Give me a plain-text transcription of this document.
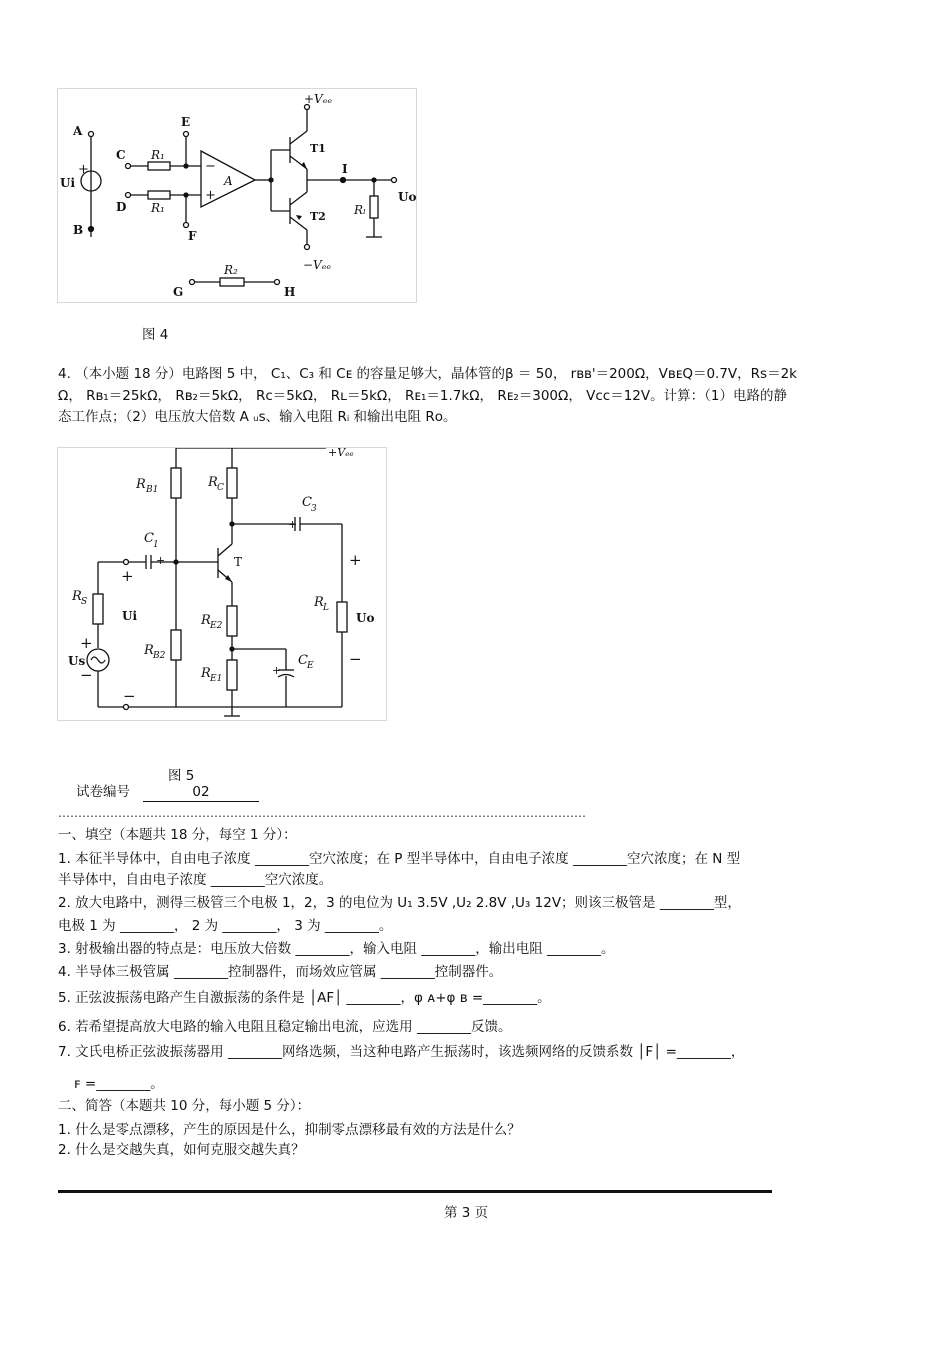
A
B
C
D
E
F
G	H
Ui
T1
T2
I
Uo
R₁
R₁
A
Rₗ
R₂
+Vₑₑ
−Vₑₑ
−
+
+
图 4
4. （本小题 18 分）电路图 5 中， C₁、C₃ 和 Cᴇ 的容量足够大，晶体管的β ＝ 50， rʙʙ'＝200Ω，VʙᴇQ＝0.7V，Rs＝2k
Ω， Rʙ₁＝25kΩ， Rʙ₂＝5kΩ， Rᴄ＝5kΩ， Rʟ＝5kΩ， Rᴇ₁＝1.7kΩ， Rᴇ₂＝300Ω， Vᴄᴄ＝12V。计算：（1）电路的静
态工作点；（2）电压放大倍数 A ᵤs、输入电阻 Rᵢ 和输出电阻 Rᴏ。
R B1	R C
C 3
C 1
R S
R E2
R B2
R L
C E
R E1
+Vₑₑ
T
Ui	Uo
Us
+
+
+
+
−
−
+
−	+
图 5
试卷编号	02
……………………………………………………………………………………………………………………
一、填空（本题共 18 分，每空 1 分）：
1. 本征半导体中，自由电子浓度 ________空穴浓度；在 P 型半导体中，自由电子浓度 ________空穴浓度；在 N 型
半导体中，自由电子浓度 ________空穴浓度。
2. 放大电路中，测得三极管三个电极 1，2，3 的电位为 U₁ 3.5V ,U₂ 2.8V ,U₃ 12V；则该三极管是 ________型，
电极 1 为 ________， 2 为 ________， 3 为 ________。
3. 射极输出器的特点是：电压放大倍数 ________，输入电阻 ________，输出电阻 ________。
4. 半导体三极管属 ________控制器件，而场效应管属 ________控制器件。
5. 正弦波振荡电路产生自激振荡的条件是 │AF│ ________，φ ᴀ+φ ʙ =________。
6. 若希望提高放大电路的输入电阻且稳定输出电流，应选用 ________反馈。
7. 文氏电桥正弦波振荡器用 ________网络选频，当这种电路产生振荡时，该选频网络的反馈系数 │F│ =________，
ꜰ =________。
二、简答（本题共 10 分，每小题 5 分）：
1. 什么是零点漂移，产生的原因是什么，抑制零点漂移最有效的方法是什么？
2. 什么是交越失真，如何克服交越失真？
第 3 页
